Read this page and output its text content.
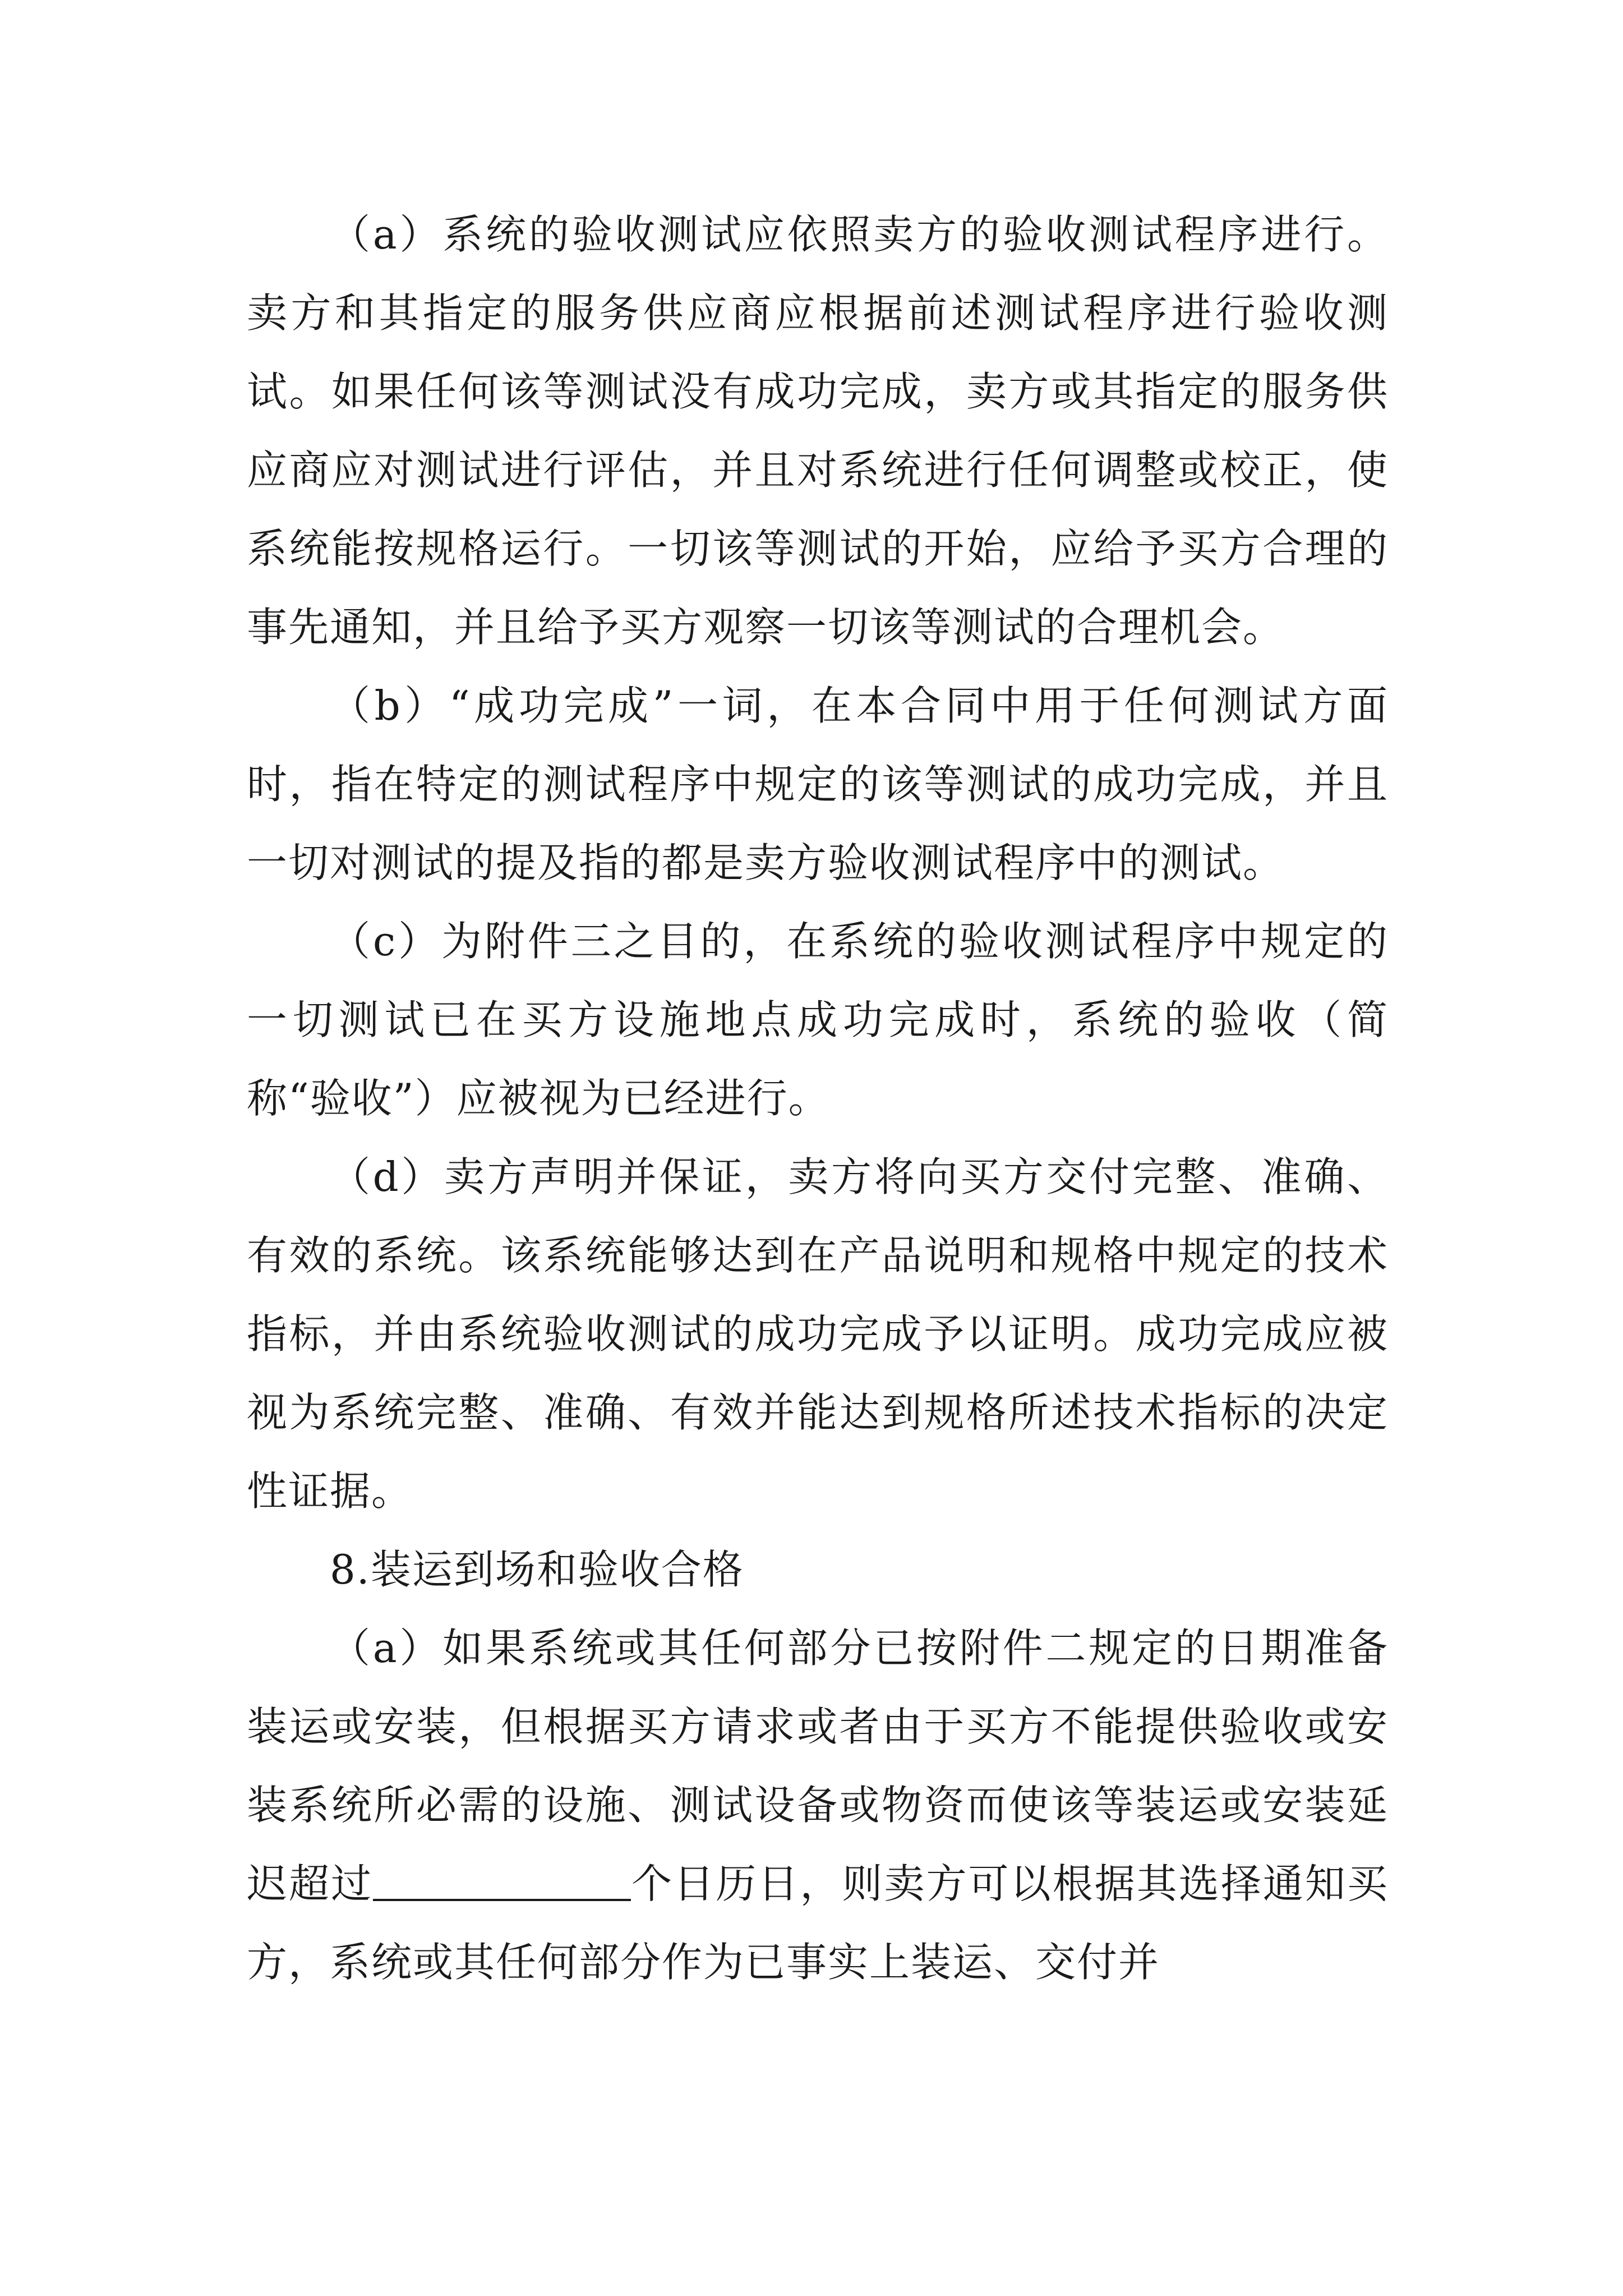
（a）系统的验收测试应依照卖方的验收测试程序进行。卖方和其指定的服务供应商应根据前述测试程序进行验收测试。如果任何该等测试没有成功完成，卖方或其指定的服务供应商应对测试进行评估，并且对系统进行任何调整或校正，使系统能按规格运行。一切该等测试的开始，应给予买方合理的事先通知，并且给予买方观察一切该等测试的合理机会。

（b）“成功完成”一词，在本合同中用于任何测试方面时，指在特定的测试程序中规定的该等测试的成功完成，并且一切对测试的提及指的都是卖方验收测试程序中的测试。

（c）为附件三之目的，在系统的验收测试程序中规定的一切测试已在买方设施地点成功完成时，系统的验收（简称“验收”）应被视为已经进行。

（d）卖方声明并保证，卖方将向买方交付完整、准确、有效的系统。该系统能够达到在产品说明和规格中规定的技术指标，并由系统验收测试的成功完成予以证明。成功完成应被视为系统完整、准确、有效并能达到规格所述技术指标的决定性证据。

8.装运到场和验收合格

（a）如果系统或其任何部分已按附件二规定的日期准备装运或安装，但根据买方请求或者由于买方不能提供验收或安装系统所必需的设施、测试设备或物资而使该等装运或安装延迟超过	个日历日，则卖方可以根据其选择通知买方，系统或其任何部分作为已事实上装运、交付并
